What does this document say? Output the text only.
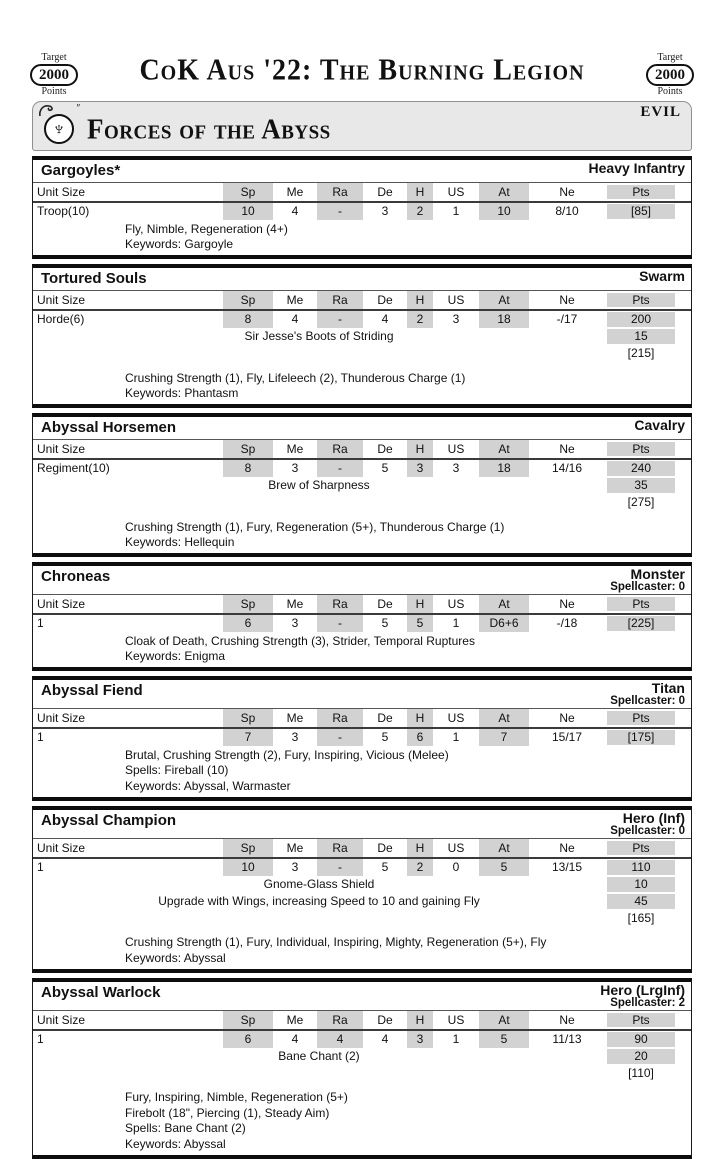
Target
2000
Points
CoK Aus '22: The Burning Legion	Target
2000
Points
″
♆ Forces of the Abyss
EVIL
Gargoyles*	Heavy Infantry
Unit Size	Sp	Me	Ra	De	H	US	At	Ne	Pts
Troop(10)	10	4	-	3	2	1	10	8/10	[85]
Fly, Nimble, Regeneration (4+)
Keywords: Gargoyle
Tortured Souls	Swarm
Unit Size	Sp	Me	Ra	De	H	US	At	Ne	Pts
Horde(6)	8	4	-	4	2	3	18	-/17	200
Sir Jesse's Boots of Striding	15
[215]
Crushing Strength (1), Fly, Lifeleech (2), Thunderous Charge (1)
Keywords: Phantasm
Abyssal Horsemen	Cavalry
Unit Size	Sp	Me	Ra	De	H	US	At	Ne	Pts
Regiment(10)	8	3	-	5	3	3	18	14/16	240
Brew of Sharpness	35
[275]
Crushing Strength (1), Fury, Regeneration (5+), Thunderous Charge (1)
Keywords: Hellequin
Chroneas	Monster
Spellcaster: 0
Unit Size	Sp	Me	Ra	De	H	US	At	Ne	Pts
1	6	3	-	5	5	1	D6+6	-/18	[225]
Cloak of Death, Crushing Strength (3), Strider, Temporal Ruptures
Keywords: Enigma
Abyssal Fiend	Titan
Spellcaster: 0
Unit Size	Sp	Me	Ra	De	H	US	At	Ne	Pts
1	7	3	-	5	6	1	7	15/17	[175]
Brutal, Crushing Strength (2), Fury, Inspiring, Vicious (Melee)
Spells: Fireball (10)
Keywords: Abyssal, Warmaster
Abyssal Champion	Hero (Inf)
Spellcaster: 0
Unit Size	Sp	Me	Ra	De	H	US	At	Ne	Pts
1	10	3	-	5	2	0	5	13/15	110
Gnome-Glass Shield	10
Upgrade with Wings, increasing Speed to 10 and gaining Fly	45
[165]
Crushing Strength (1), Fury, Individual, Inspiring, Mighty, Regeneration (5+), Fly
Keywords: Abyssal
Abyssal Warlock	Hero (LrgInf)
Spellcaster: 2
Unit Size	Sp	Me	Ra	De	H	US	At	Ne	Pts
1	6	4	4	4	3	1	5	11/13	90
Bane Chant (2)	20
[110]
Fury, Inspiring, Nimble, Regeneration (5+)
Firebolt (18", Piercing (1), Steady Aim)
Spells: Bane Chant (2)
Keywords: Abyssal
